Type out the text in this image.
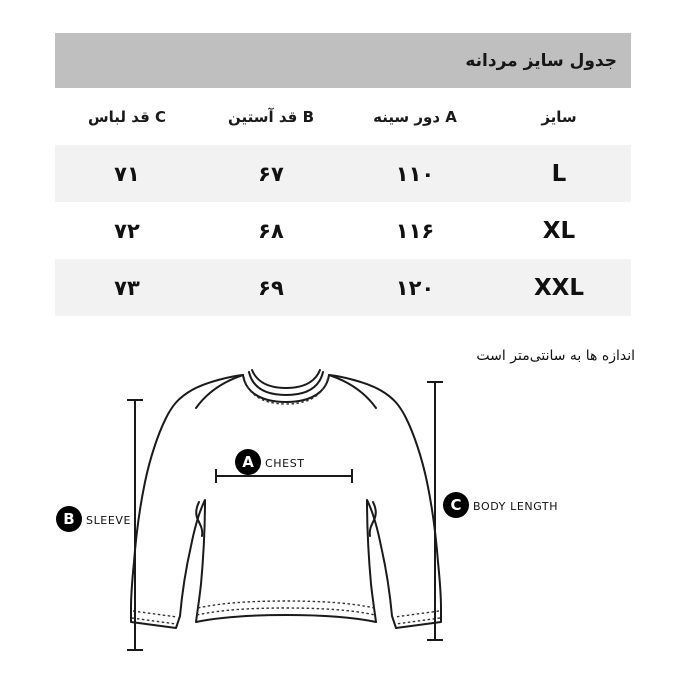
جدول سایز مردانه			
C قد لباس	B قد آستین	A دور سینه	سایز
۷۱	۶۷	۱۱۰	L
۷۲	۶۸	۱۱۶	XL
۷۳	۶۹	۱۲۰	XXL
اندازه ها به سانتی‌متر است
A CHEST
B SLEEVE
C BODY LENGTH
